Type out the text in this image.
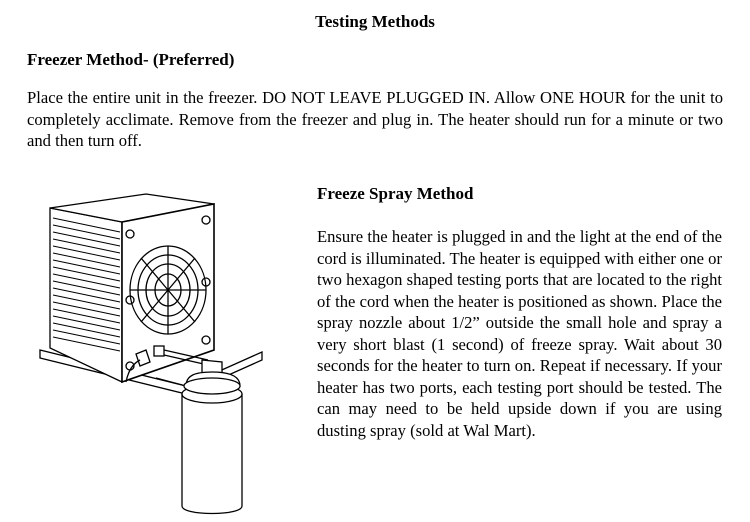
Testing Methods
Freezer Method- (Preferred)
Place the entire unit in the freezer. DO NOT LEAVE PLUGGED IN. Allow ONE HOUR for the unit to completely acclimate. Remove from the freezer and plug in. The heater should run for a minute or two and then turn off.
Freeze Spray Method
Ensure the heater is plugged in and the light at the end of the cord is illuminated. The heater is equipped with either one or two hexagon shaped testing ports that are located to the right of the cord when the heater is positioned as shown. Place the spray nozzle about 1/2” outside the small hole and spray a very short blast (1 second) of freeze spray. Wait about 30 seconds for the heater to turn on. Repeat if necessary. If your heater has two ports, each testing port should be tested. The can may need to be held upside down if you are using dusting spray (sold at Wal Mart).
